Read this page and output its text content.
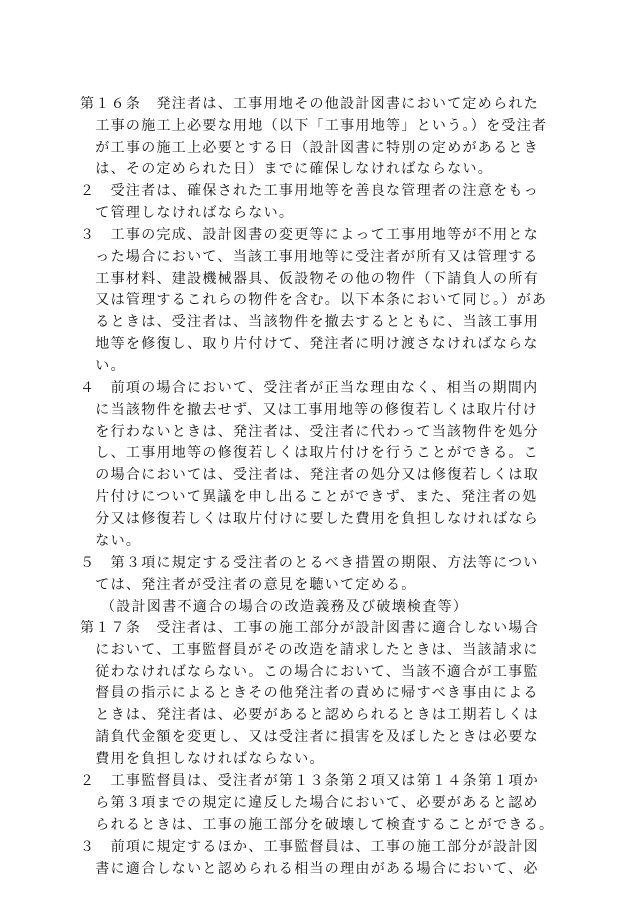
第１６条　発注者は、工事用地その他設計図書において定められた
　工事の施工上必要な用地（以下「工事用地等」という。）を受注者
　が工事の施工上必要とする日（設計図書に特別の定めがあるとき
　は、その定められた日）までに確保しなければならない。
２　受注者は、確保された工事用地等を善良な管理者の注意をもっ
　て管理しなければならない。
３　工事の完成、設計図書の変更等によって工事用地等が不用とな
　った場合において、当該工事用地等に受注者が所有又は管理する
　工事材料、建設機械器具、仮設物その他の物件（下請負人の所有
　又は管理するこれらの物件を含む。以下本条において同じ。）があ
　るときは、受注者は、当該物件を撤去するとともに、当該工事用
　地等を修復し、取り片付けて、発注者に明け渡さなければならな
　い。
４　前項の場合において、受注者が正当な理由なく、相当の期間内
　に当該物件を撤去せず、又は工事用地等の修復若しくは取片付け
　を行わないときは、発注者は、受注者に代わって当該物件を処分
　し、工事用地等の修復若しくは取片付けを行うことができる。こ
　の場合においては、受注者は、発注者の処分又は修復若しくは取
　片付けについて異議を申し出ることができず、また、発注者の処
　分又は修復若しくは取片付けに要した費用を負担しなければなら
　ない。
５　第３項に規定する受注者のとるべき措置の期限、方法等につい
　ては、発注者が受注者の意見を聴いて定める。
（設計図書不適合の場合の改造義務及び破壊検査等）
第１７条　受注者は、工事の施工部分が設計図書に適合しない場合
　において、工事監督員がその改造を請求したときは、当該請求に
　従わなければならない。この場合において、当該不適合が工事監
　督員の指示によるときその他発注者の責めに帰すべき事由による
　ときは、発注者は、必要があると認められるときは工期若しくは
　請負代金額を変更し、又は受注者に損害を及ぼしたときは必要な
　費用を負担しなければならない。
２　工事監督員は、受注者が第１３条第２項又は第１４条第１項か
　ら第３項までの規定に違反した場合において、必要があると認め
　られるときは、工事の施工部分を破壊して検査することができる。
３　前項に規定するほか、工事監督員は、工事の施工部分が設計図
　書に適合しないと認められる相当の理由がある場合において、必
